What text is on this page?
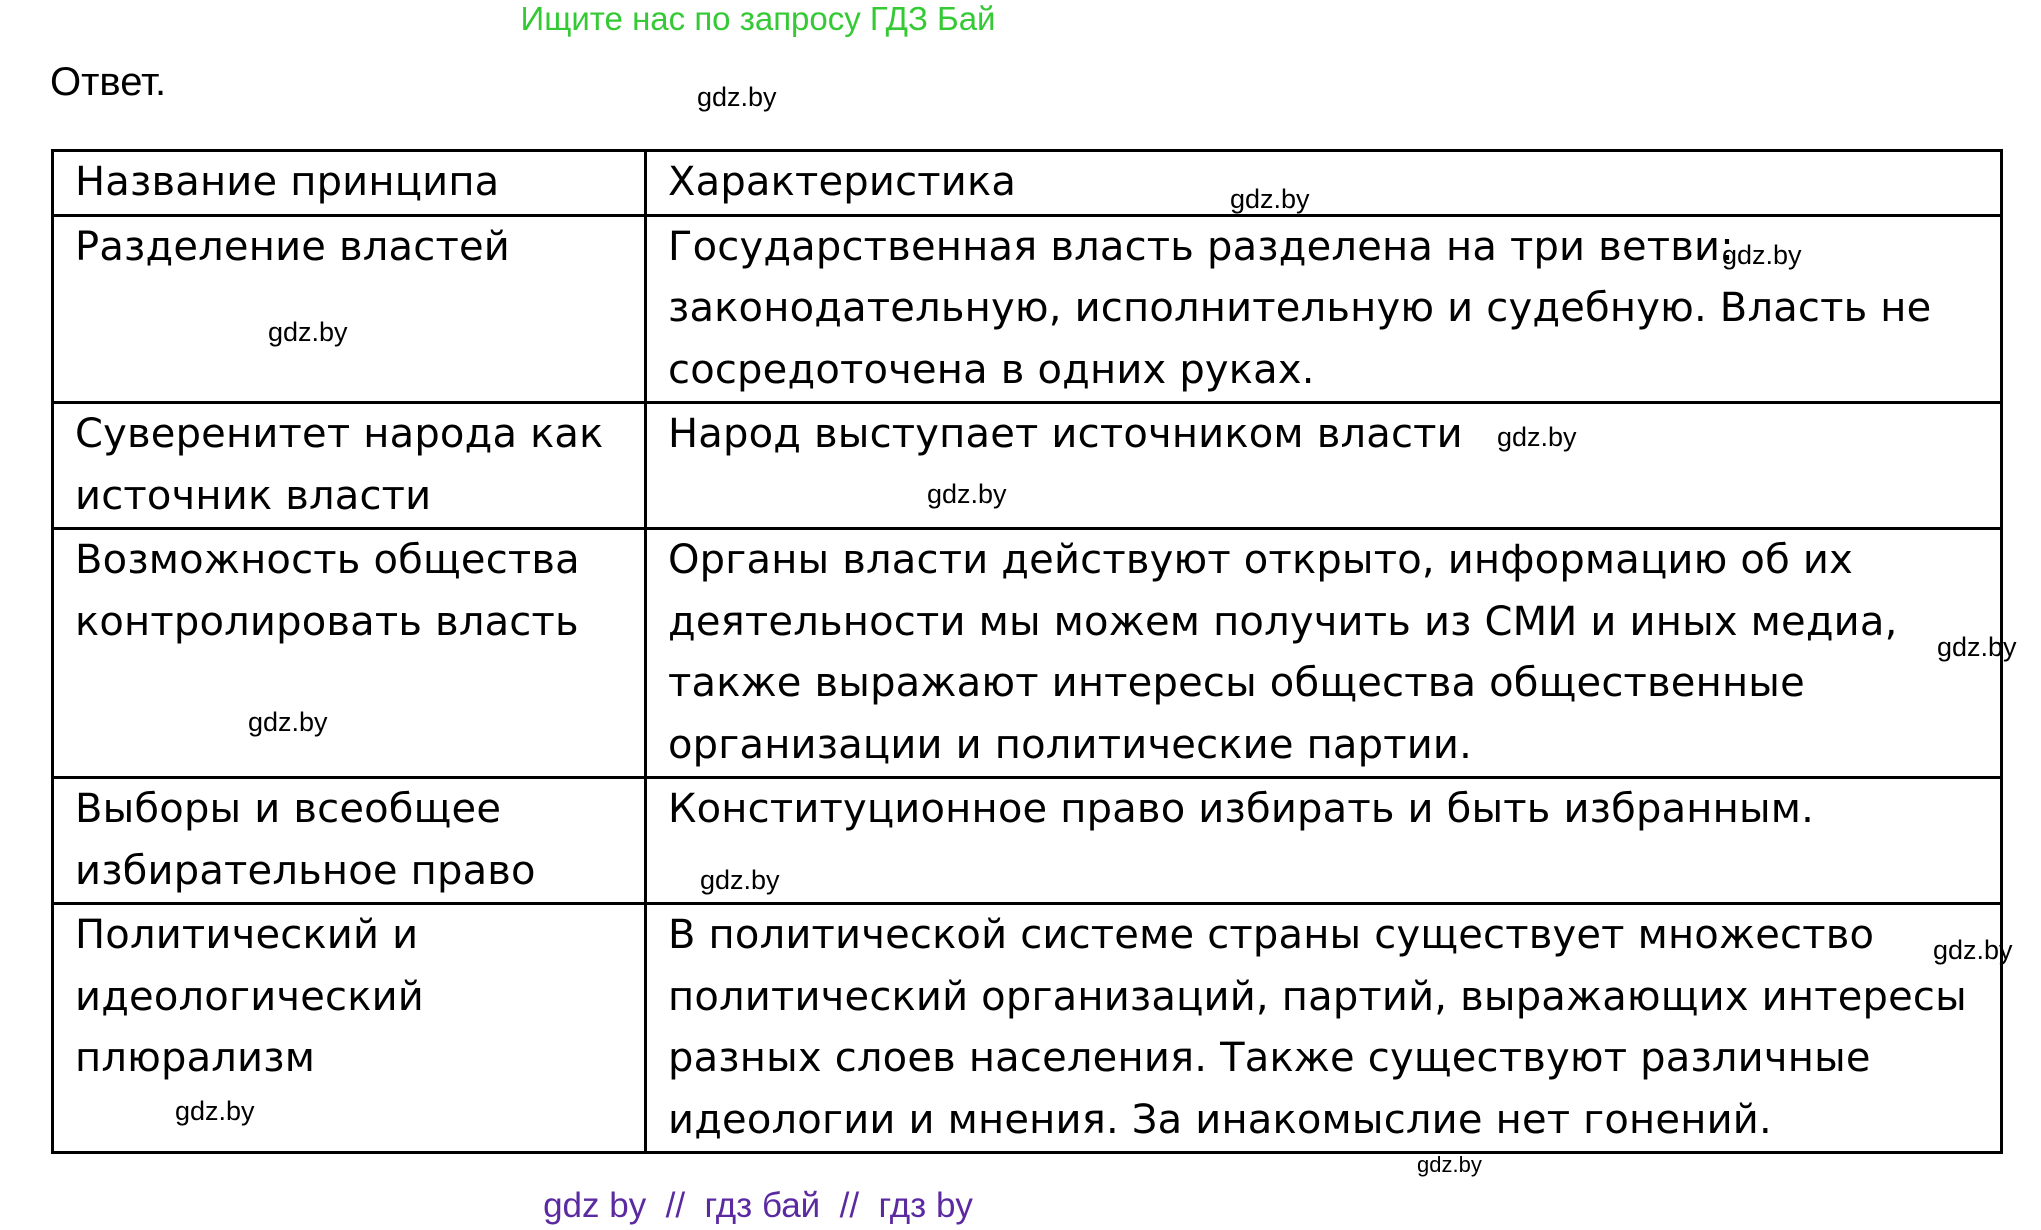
Ищите нас по запросу ГДЗ Бай
Ответ.
Название принципа	Характеристика
Разделение властей	Государственная власть разделена на три ветви: законодательную, исполнительную и судебную. Власть не сосредоточена в одних руках.
Суверенитет народа как источник власти	Народ выступает источником власти
Возможность общества контролировать власть	Органы власти действуют открыто, информацию об их деятельности мы можем получить из СМИ и иных медиа, также выражают интересы общества общественные организации и политические партии.
Выборы и всеобщее избирательное право	Конституционное право избирать и быть избранным.
Политический и идеологический плюрализм	В политической системе страны существует множество политический организаций, партий, выражающих интересы разных слоев населения. Также существуют различные идеологии и мнения. За инакомыслие нет гонений.
gdz.by
gdz.by
gdz.by
gdz.by
gdz.by
gdz.by
gdz.by
gdz.by
gdz.by
gdz.by
gdz.by
gdz.by
gdz by  //  гдз бай  //  гдз by
